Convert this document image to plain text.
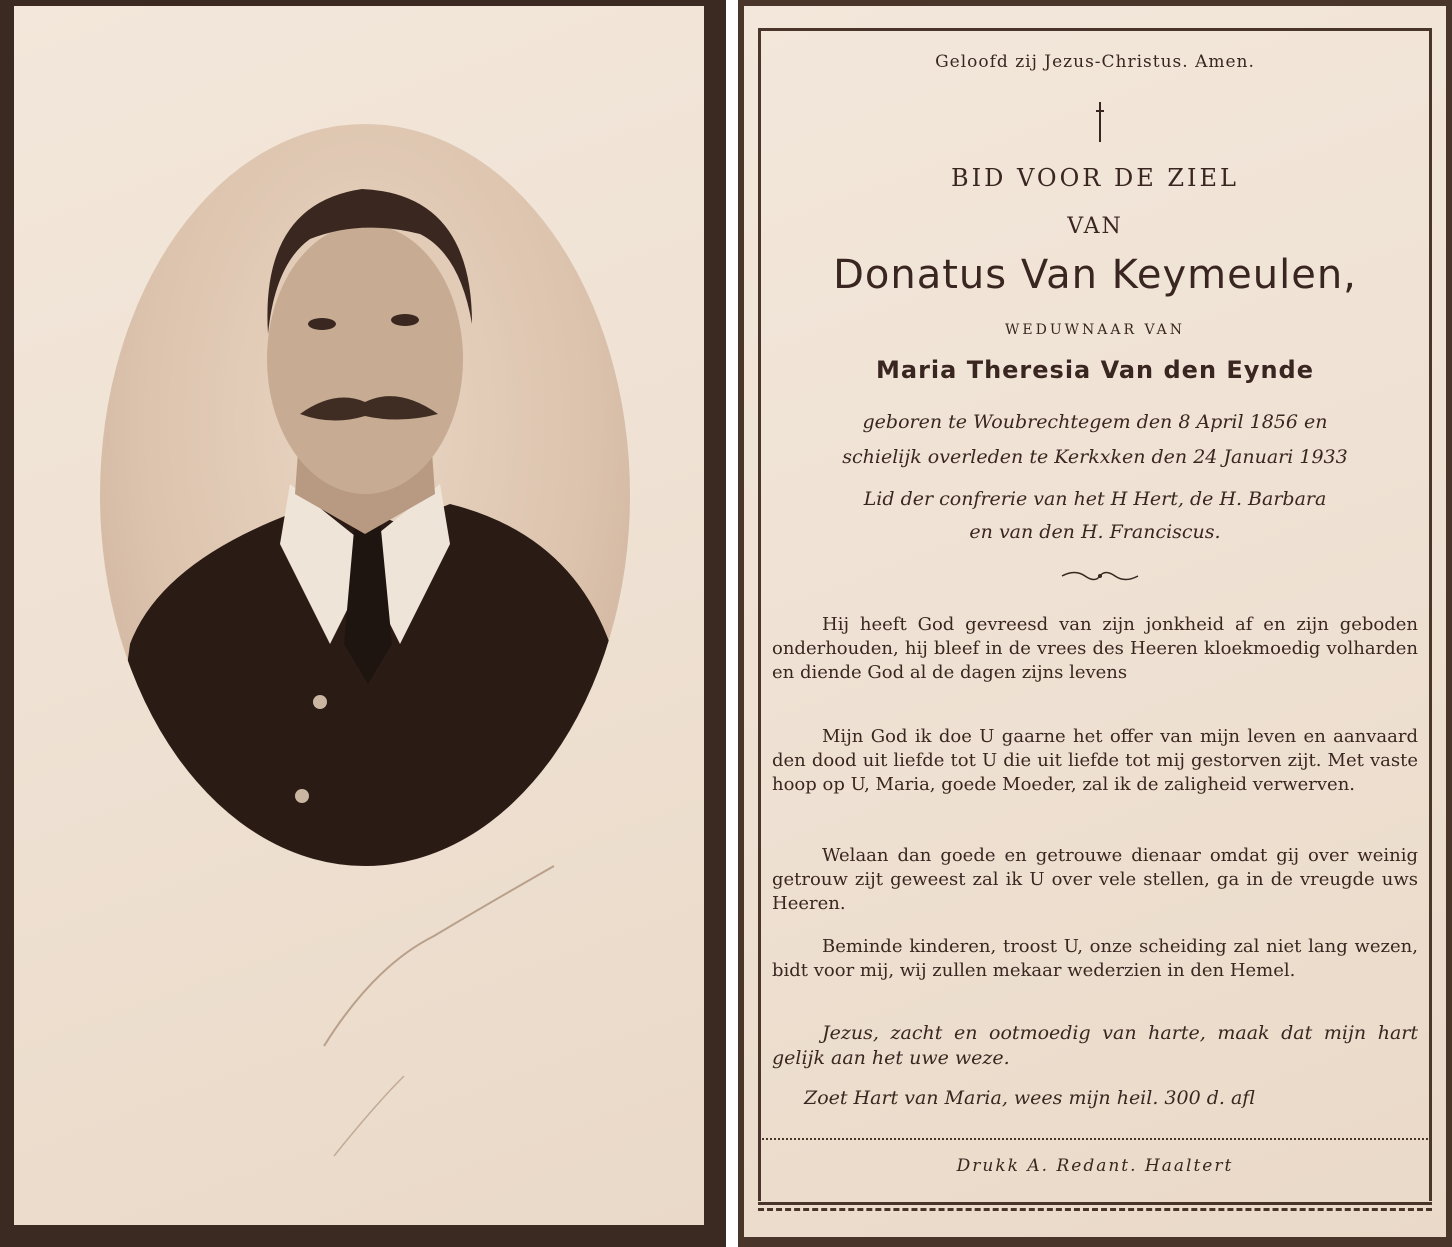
Geloofd zij Jezus-Christus. Amen.
BID VOOR DE ZIEL
VAN
Donatus Van Keymeulen,
WEDUWNAAR VAN
Maria Theresia Van den Eynde
geboren te Woubrechtegem den 8 April 1856 en
schielijk overleden te Kerkxken den 24 Januari 1933
Lid der confrerie van het H Hert, de H. Barbara
en van den H. Franciscus.
Hij heeft God gevreesd van zijn jonkheid af en zijn geboden onderhouden, hij bleef in de vrees des Heeren kloekmoedig volharden en diende God al de dagen zijns levens
Mijn God ik doe U gaarne het offer van mijn leven en aanvaard den dood uit liefde tot U die uit liefde tot mij gestorven zijt. Met vaste hoop op U, Maria, goede Moeder, zal ik de zaligheid verwerven.
Welaan dan goede en getrouwe dienaar omdat gij over weinig getrouw zijt geweest zal ik U over vele stellen, ga in de vreugde uws Heeren.
Beminde kinderen, troost U, onze scheiding zal niet lang wezen, bidt voor mij, wij zullen mekaar wederzien in den Hemel.
Jezus, zacht en ootmoedig van harte, maak dat mijn hart gelijk aan het uwe weze.
Zoet Hart van Maria, wees mijn heil. 300 d. afl
Drukk A. Redant. Haaltert
